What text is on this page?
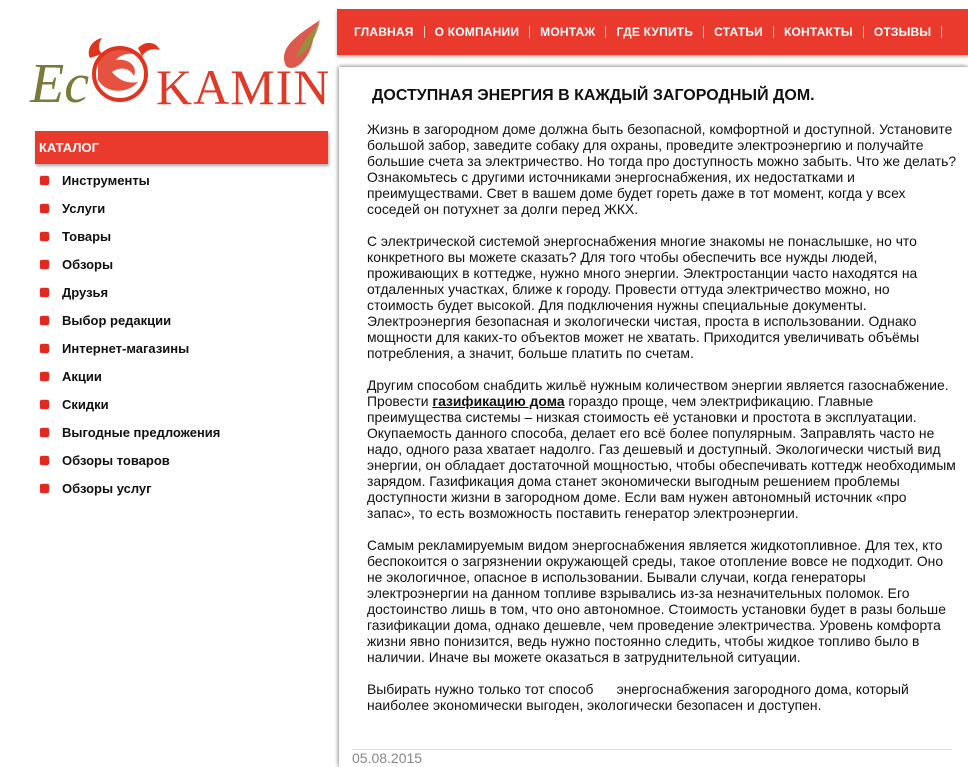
Ec KAMIN
ГЛАВНАЯ	О КОМПАНИИ	МОНТАЖ	ГДЕ КУПИТЬ	СТАТЬИ	КОНТАКТЫ	ОТЗЫВЫ
КАТАЛОГ
Инструменты
Услуги
Товары
Обзоры
Друзья
Выбор редакции
Интернет-магазины
Акции
Скидки
Выгодные предложения
Обзоры товаров
Обзоры услуг
ДОСТУПНАЯ ЭНЕРГИЯ В КАЖДЫЙ ЗАГОРОДНЫЙ ДОМ.

Жизнь в загородном доме должна быть безопасной, комфортной и доступной. Установите большой забор, заведите собаку для охраны, проведите электроэнергию и получайте большие счета за электричество. Но тогда про доступность можно забыть. Что же делать? Ознакомьтесь с другими источниками энергоснабжения, их недостатками и преимуществами. Свет в вашем доме будет гореть даже в тот момент, когда у всех соседей он потухнет за долги перед ЖКХ.

С электрической системой энергоснабжения многие знакомы не понаслышке, но что конкретного вы можете сказать? Для того чтобы обеспечить все нужды людей, проживающих в коттедже, нужно много энергии. Электростанции часто находятся на отдаленных участках, ближе к городу. Провести оттуда электричество можно, но стоимость будет высокой. Для подключения нужны специальные документы. Электроэнергия безопасная и экологически чистая, проста в использовании. Однако мощности для каких-то объектов может не хватать. Приходится увеличивать объёмы потребления, а значит, больше платить по счетам.

Другим способом снабдить жильё нужным количеством энергии является газоснабжение. Провести газификацию дома гораздо проще, чем электрификацию. Главные преимущества системы – низкая стоимость её установки и простота в эксплуатации. Окупаемость данного способа, делает его всё более популярным. Заправлять часто не надо, одного раза хватает надолго. Газ дешевый и доступный. Экологически чистый вид энергии, он обладает достаточной мощностью, чтобы обеспечивать коттедж необходимым зарядом. Газификация дома станет экономически выгодным решением проблемы доступности жизни в загородном доме. Если вам нужен автономный источник «про запас», то есть возможность поставить генератор электроэнергии.

Самым рекламируемым видом энергоснабжения является жидкотопливное. Для тех, кто беспокоится о загрязнении окружающей среды, такое отопление вовсе не подходит. Оно не экологичное, опасное в использовании. Бывали случаи, когда генераторы электроэнергии на данном топливе взрывались из-за незначительных поломок. Его достоинство лишь в том, что оно автономное. Стоимость установки будет в разы больше газификации дома, однако дешевле, чем проведение электричества. Уровень комфорта жизни явно понизится, ведь нужно постоянно следить, чтобы жидкое топливо было в наличии. Иначе вы можете оказаться в затруднительной ситуации.

Выбирать нужно только тот способ      энергоснабжения загородного дома, который наиболее экономически выгоден, экологически безопасен и доступен.

05.08.2015
